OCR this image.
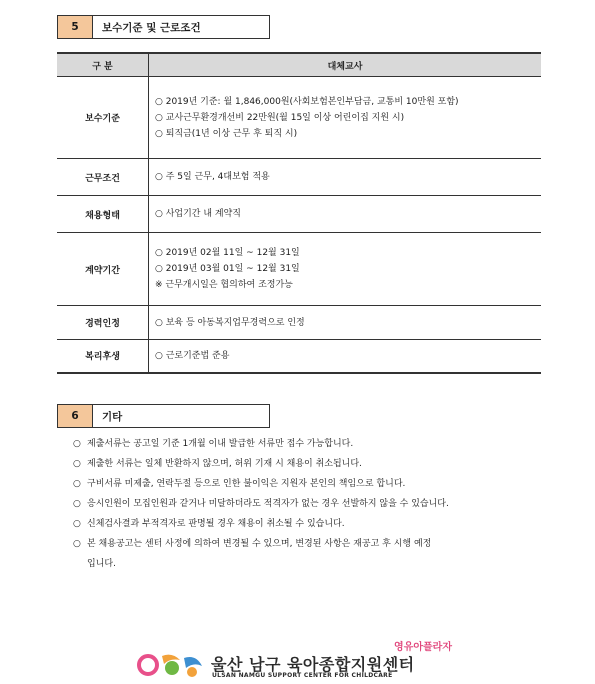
5	보수기준 및 근로조건
구 분	대체교사
보수기준	○ 2019년 기준: 월 1,846,000원(사회보험본인부담금, 교통비 10만원 포함)
○ 교사근무환경개선비 22만원(월 15일 이상 어린이집 지원 시)
○ 퇴직금(1년 이상 근무 후 퇴직 시)

근무조건	○ 주 5일 근무, 4대보험 적용

채용형태	○ 사업기간 내 계약직

계약기간	○ 2019년 02월 11일 ~ 12월 31일
○ 2019년 03월 01일 ~ 12월 31일
※ 근무개시일은 협의하여 조정가능

경력인정	○ 보육 등 아동복지업무경력으로 인정

복리후생	○ 근로기준법 준용
6	기타
○ 제출서류는 공고일 기준 1개월 이내 발급한 서류만 접수 가능합니다.
○ 제출한 서류는 일체 반환하지 않으며, 허위 기재 시 채용이 취소됩니다.
○ 구비서류 미제출, 연락두절 등으로 인한 불이익은 지원자 본인의 책임으로 합니다.
○ 응시인원이 모집인원과 같거나 미달하더라도 적격자가 없는 경우 선발하지 않을 수 있습니다.
○ 신체검사결과 부적격자로 판명될 경우 채용이 취소될 수 있습니다.
○ 본 채용공고는 센터 사정에 의하여 변경될 수 있으며, 변경된 사항은 재공고 후 시행 예정
입니다.
영유아플라자
울산 남구 육아종합지원센터
ULSAN NAMGU SUPPORT CENTER FOR CHILDCARE
